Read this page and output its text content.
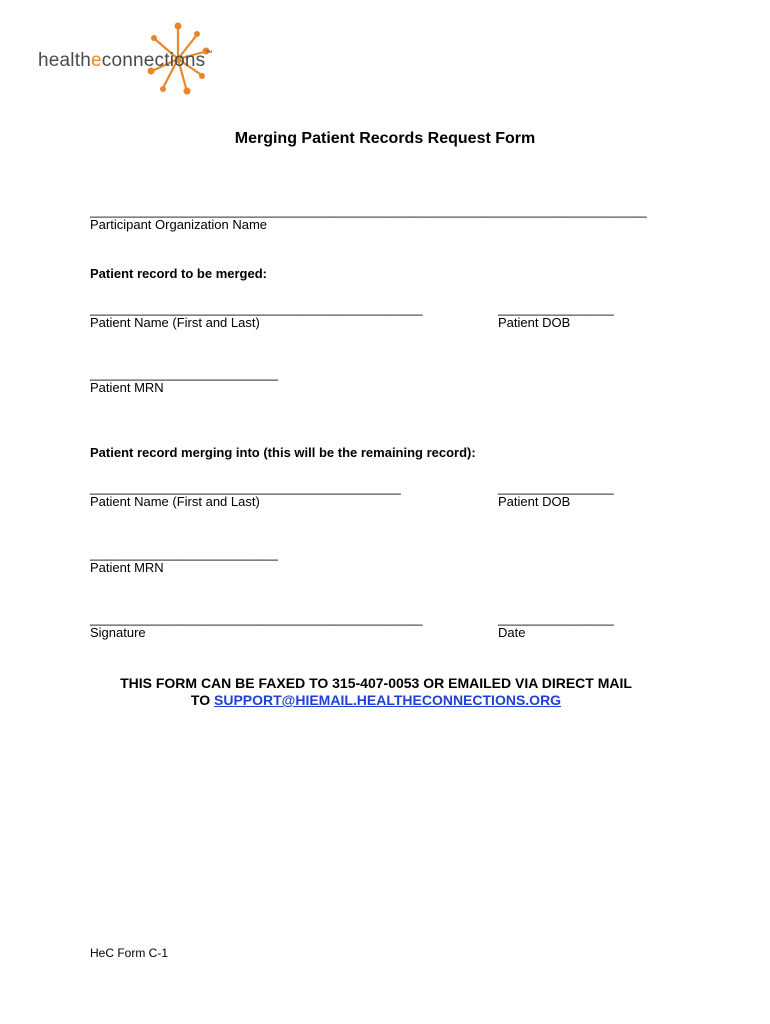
healtheconnections™
Merging Patient Records Request Form
_____________________________________________________________________________
Participant Organization Name
Patient record to be merged:
______________________________________________
Patient Name (First and Last)
________________
Patient DOB
__________________________
Patient MRN
Patient record merging into (this will be the remaining record):
___________________________________________
Patient Name (First and Last)
________________
Patient DOB
__________________________
Patient MRN
______________________________________________
Signature
________________
Date
THIS FORM CAN BE FAXED TO 315-407-0053 OR EMAILED VIA DIRECT MAIL
TO SUPPORT@HIEMAIL.HEALTHECONNECTIONS.ORG
HeC Form C-1
